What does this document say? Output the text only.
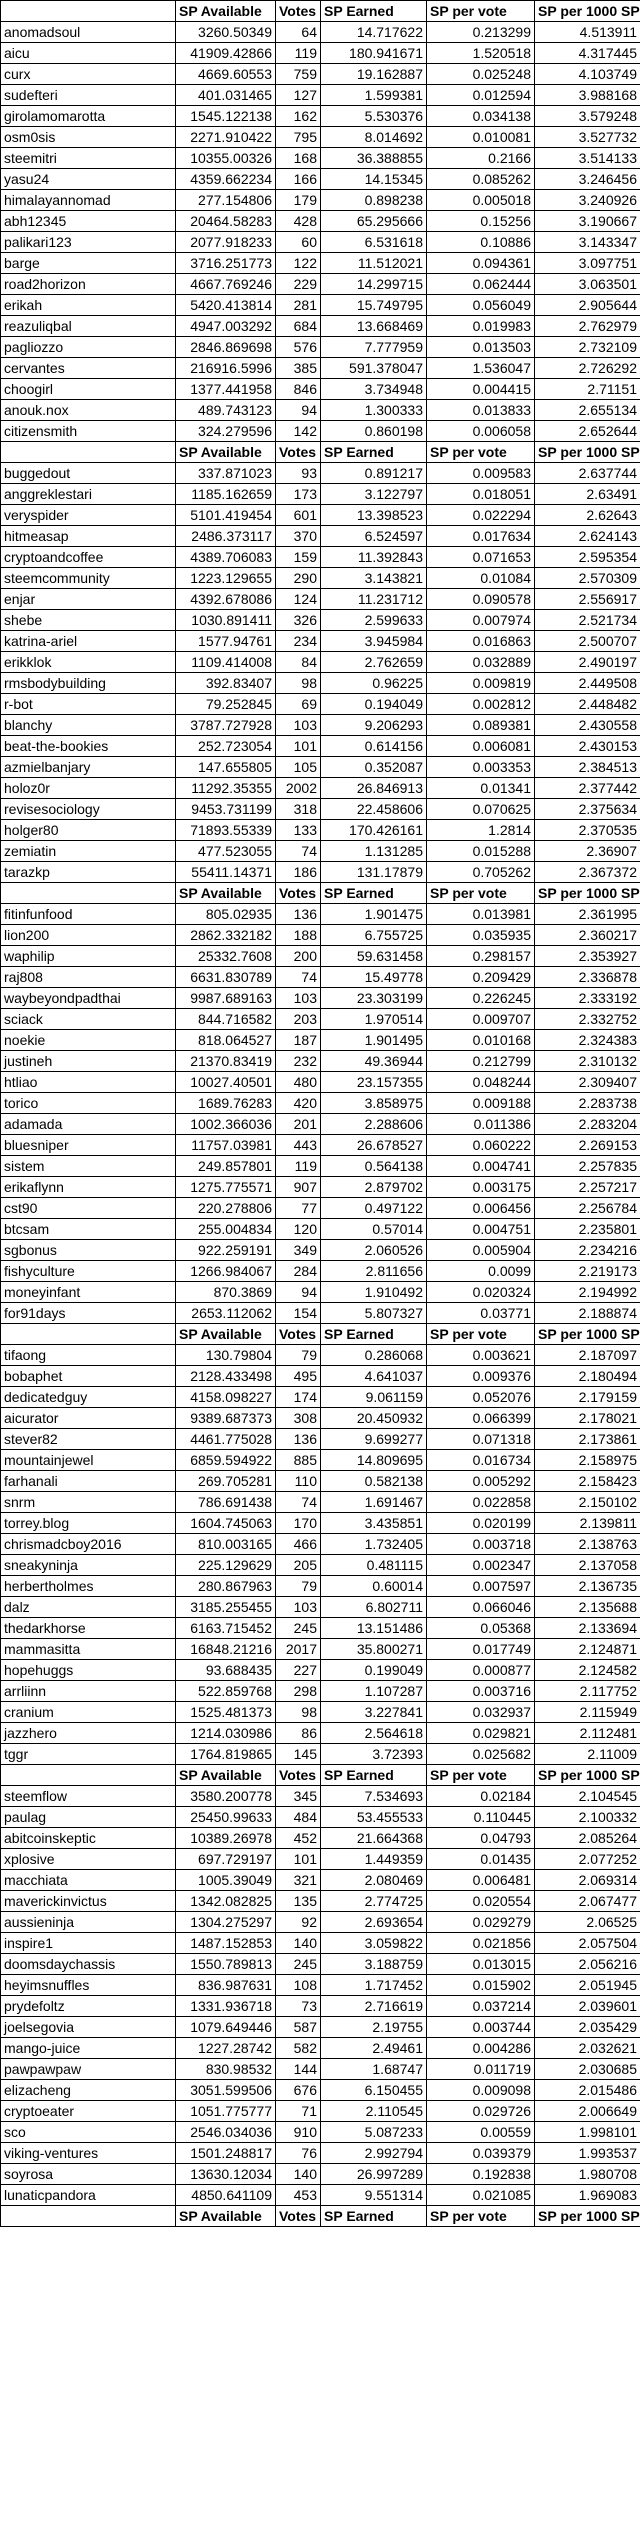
	SP Available	Votes	SP Earned	SP per vote	SP per 1000 SP
anomadsoul	3260.50349	64	14.717622	0.213299	4.513911
aicu	41909.42866	119	180.941671	1.520518	4.317445
curx	4669.60553	759	19.162887	0.025248	4.103749
sudefteri	401.031465	127	1.599381	0.012594	3.988168
girolamomarotta	1545.122138	162	5.530376	0.034138	3.579248
osm0sis	2271.910422	795	8.014692	0.010081	3.527732
steemitri	10355.00326	168	36.388855	0.2166	3.514133
yasu24	4359.662234	166	14.15345	0.085262	3.246456
himalayannomad	277.154806	179	0.898238	0.005018	3.240926
abh12345	20464.58283	428	65.295666	0.15256	3.190667
palikari123	2077.918233	60	6.531618	0.10886	3.143347
barge	3716.251773	122	11.512021	0.094361	3.097751
road2horizon	4667.769246	229	14.299715	0.062444	3.063501
erikah	5420.413814	281	15.749795	0.056049	2.905644
reazuliqbal	4947.003292	684	13.668469	0.019983	2.762979
pagliozzo	2846.869698	576	7.777959	0.013503	2.732109
cervantes	216916.5996	385	591.378047	1.536047	2.726292
choogirl	1377.441958	846	3.734948	0.004415	2.71151
anouk.nox	489.743123	94	1.300333	0.013833	2.655134
citizensmith	324.279596	142	0.860198	0.006058	2.652644
	SP Available	Votes	SP Earned	SP per vote	SP per 1000 SP
buggedout	337.871023	93	0.891217	0.009583	2.637744
anggreklestari	1185.162659	173	3.122797	0.018051	2.63491
veryspider	5101.419454	601	13.398523	0.022294	2.62643
hitmeasap	2486.373117	370	6.524597	0.017634	2.624143
cryptoandcoffee	4389.706083	159	11.392843	0.071653	2.595354
steemcommunity	1223.129655	290	3.143821	0.01084	2.570309
enjar	4392.678086	124	11.231712	0.090578	2.556917
shebe	1030.891411	326	2.599633	0.007974	2.521734
katrina-ariel	1577.94761	234	3.945984	0.016863	2.500707
erikklok	1109.414008	84	2.762659	0.032889	2.490197
rmsbodybuilding	392.83407	98	0.96225	0.009819	2.449508
r-bot	79.252845	69	0.194049	0.002812	2.448482
blanchy	3787.727928	103	9.206293	0.089381	2.430558
beat-the-bookies	252.723054	101	0.614156	0.006081	2.430153
azmielbanjary	147.655805	105	0.352087	0.003353	2.384513
holoz0r	11292.35355	2002	26.846913	0.01341	2.377442
revisesociology	9453.731199	318	22.458606	0.070625	2.375634
holger80	71893.55339	133	170.426161	1.2814	2.370535
zemiatin	477.523055	74	1.131285	0.015288	2.36907
tarazkp	55411.14371	186	131.17879	0.705262	2.367372
	SP Available	Votes	SP Earned	SP per vote	SP per 1000 SP
fitinfunfood	805.02935	136	1.901475	0.013981	2.361995
lion200	2862.332182	188	6.755725	0.035935	2.360217
waphilip	25332.7608	200	59.631458	0.298157	2.353927
raj808	6631.830789	74	15.49778	0.209429	2.336878
waybeyondpadthai	9987.689163	103	23.303199	0.226245	2.333192
sciack	844.716582	203	1.970514	0.009707	2.332752
noekie	818.064527	187	1.901495	0.010168	2.324383
justineh	21370.83419	232	49.36944	0.212799	2.310132
htliao	10027.40501	480	23.157355	0.048244	2.309407
torico	1689.76283	420	3.858975	0.009188	2.283738
adamada	1002.366036	201	2.288606	0.011386	2.283204
bluesniper	11757.03981	443	26.678527	0.060222	2.269153
sistem	249.857801	119	0.564138	0.004741	2.257835
erikaflynn	1275.775571	907	2.879702	0.003175	2.257217
cst90	220.278806	77	0.497122	0.006456	2.256784
btcsam	255.004834	120	0.57014	0.004751	2.235801
sgbonus	922.259191	349	2.060526	0.005904	2.234216
fishyculture	1266.984067	284	2.811656	0.0099	2.219173
moneyinfant	870.3869	94	1.910492	0.020324	2.194992
for91days	2653.112062	154	5.807327	0.03771	2.188874
	SP Available	Votes	SP Earned	SP per vote	SP per 1000 SP
tifaong	130.79804	79	0.286068	0.003621	2.187097
bobaphet	2128.433498	495	4.641037	0.009376	2.180494
dedicatedguy	4158.098227	174	9.061159	0.052076	2.179159
aicurator	9389.687373	308	20.450932	0.066399	2.178021
stever82	4461.775028	136	9.699277	0.071318	2.173861
mountainjewel	6859.594922	885	14.809695	0.016734	2.158975
farhanali	269.705281	110	0.582138	0.005292	2.158423
snrm	786.691438	74	1.691467	0.022858	2.150102
torrey.blog	1604.745063	170	3.435851	0.020199	2.139811
chrismadcboy2016	810.003165	466	1.732405	0.003718	2.138763
sneakyninja	225.129629	205	0.481115	0.002347	2.137058
herbertholmes	280.867963	79	0.60014	0.007597	2.136735
dalz	3185.255455	103	6.802711	0.066046	2.135688
thedarkhorse	6163.715452	245	13.151486	0.05368	2.133694
mammasitta	16848.21216	2017	35.800271	0.017749	2.124871
hopehuggs	93.688435	227	0.199049	0.000877	2.124582
arrliinn	522.859768	298	1.107287	0.003716	2.117752
cranium	1525.481373	98	3.227841	0.032937	2.115949
jazzhero	1214.030986	86	2.564618	0.029821	2.112481
tggr	1764.819865	145	3.72393	0.025682	2.11009
	SP Available	Votes	SP Earned	SP per vote	SP per 1000 SP
steemflow	3580.200778	345	7.534693	0.02184	2.104545
paulag	25450.99633	484	53.455533	0.110445	2.100332
abitcoinskeptic	10389.26978	452	21.664368	0.04793	2.085264
xplosive	697.729197	101	1.449359	0.01435	2.077252
macchiata	1005.39049	321	2.080469	0.006481	2.069314
maverickinvictus	1342.082825	135	2.774725	0.020554	2.067477
aussieninja	1304.275297	92	2.693654	0.029279	2.06525
inspire1	1487.152853	140	3.059822	0.021856	2.057504
doomsdaychassis	1550.789813	245	3.188759	0.013015	2.056216
heyimsnuffles	836.987631	108	1.717452	0.015902	2.051945
prydefoltz	1331.936718	73	2.716619	0.037214	2.039601
joelsegovia	1079.649446	587	2.19755	0.003744	2.035429
mango-juice	1227.28742	582	2.49461	0.004286	2.032621
pawpawpaw	830.98532	144	1.68747	0.011719	2.030685
elizacheng	3051.599506	676	6.150455	0.009098	2.015486
cryptoeater	1051.775777	71	2.110545	0.029726	2.006649
sco	2546.034036	910	5.087233	0.00559	1.998101
viking-ventures	1501.248817	76	2.992794	0.039379	1.993537
soyrosa	13630.12034	140	26.997289	0.192838	1.980708
lunaticpandora	4850.641109	453	9.551314	0.021085	1.969083
	SP Available	Votes	SP Earned	SP per vote	SP per 1000 SP
